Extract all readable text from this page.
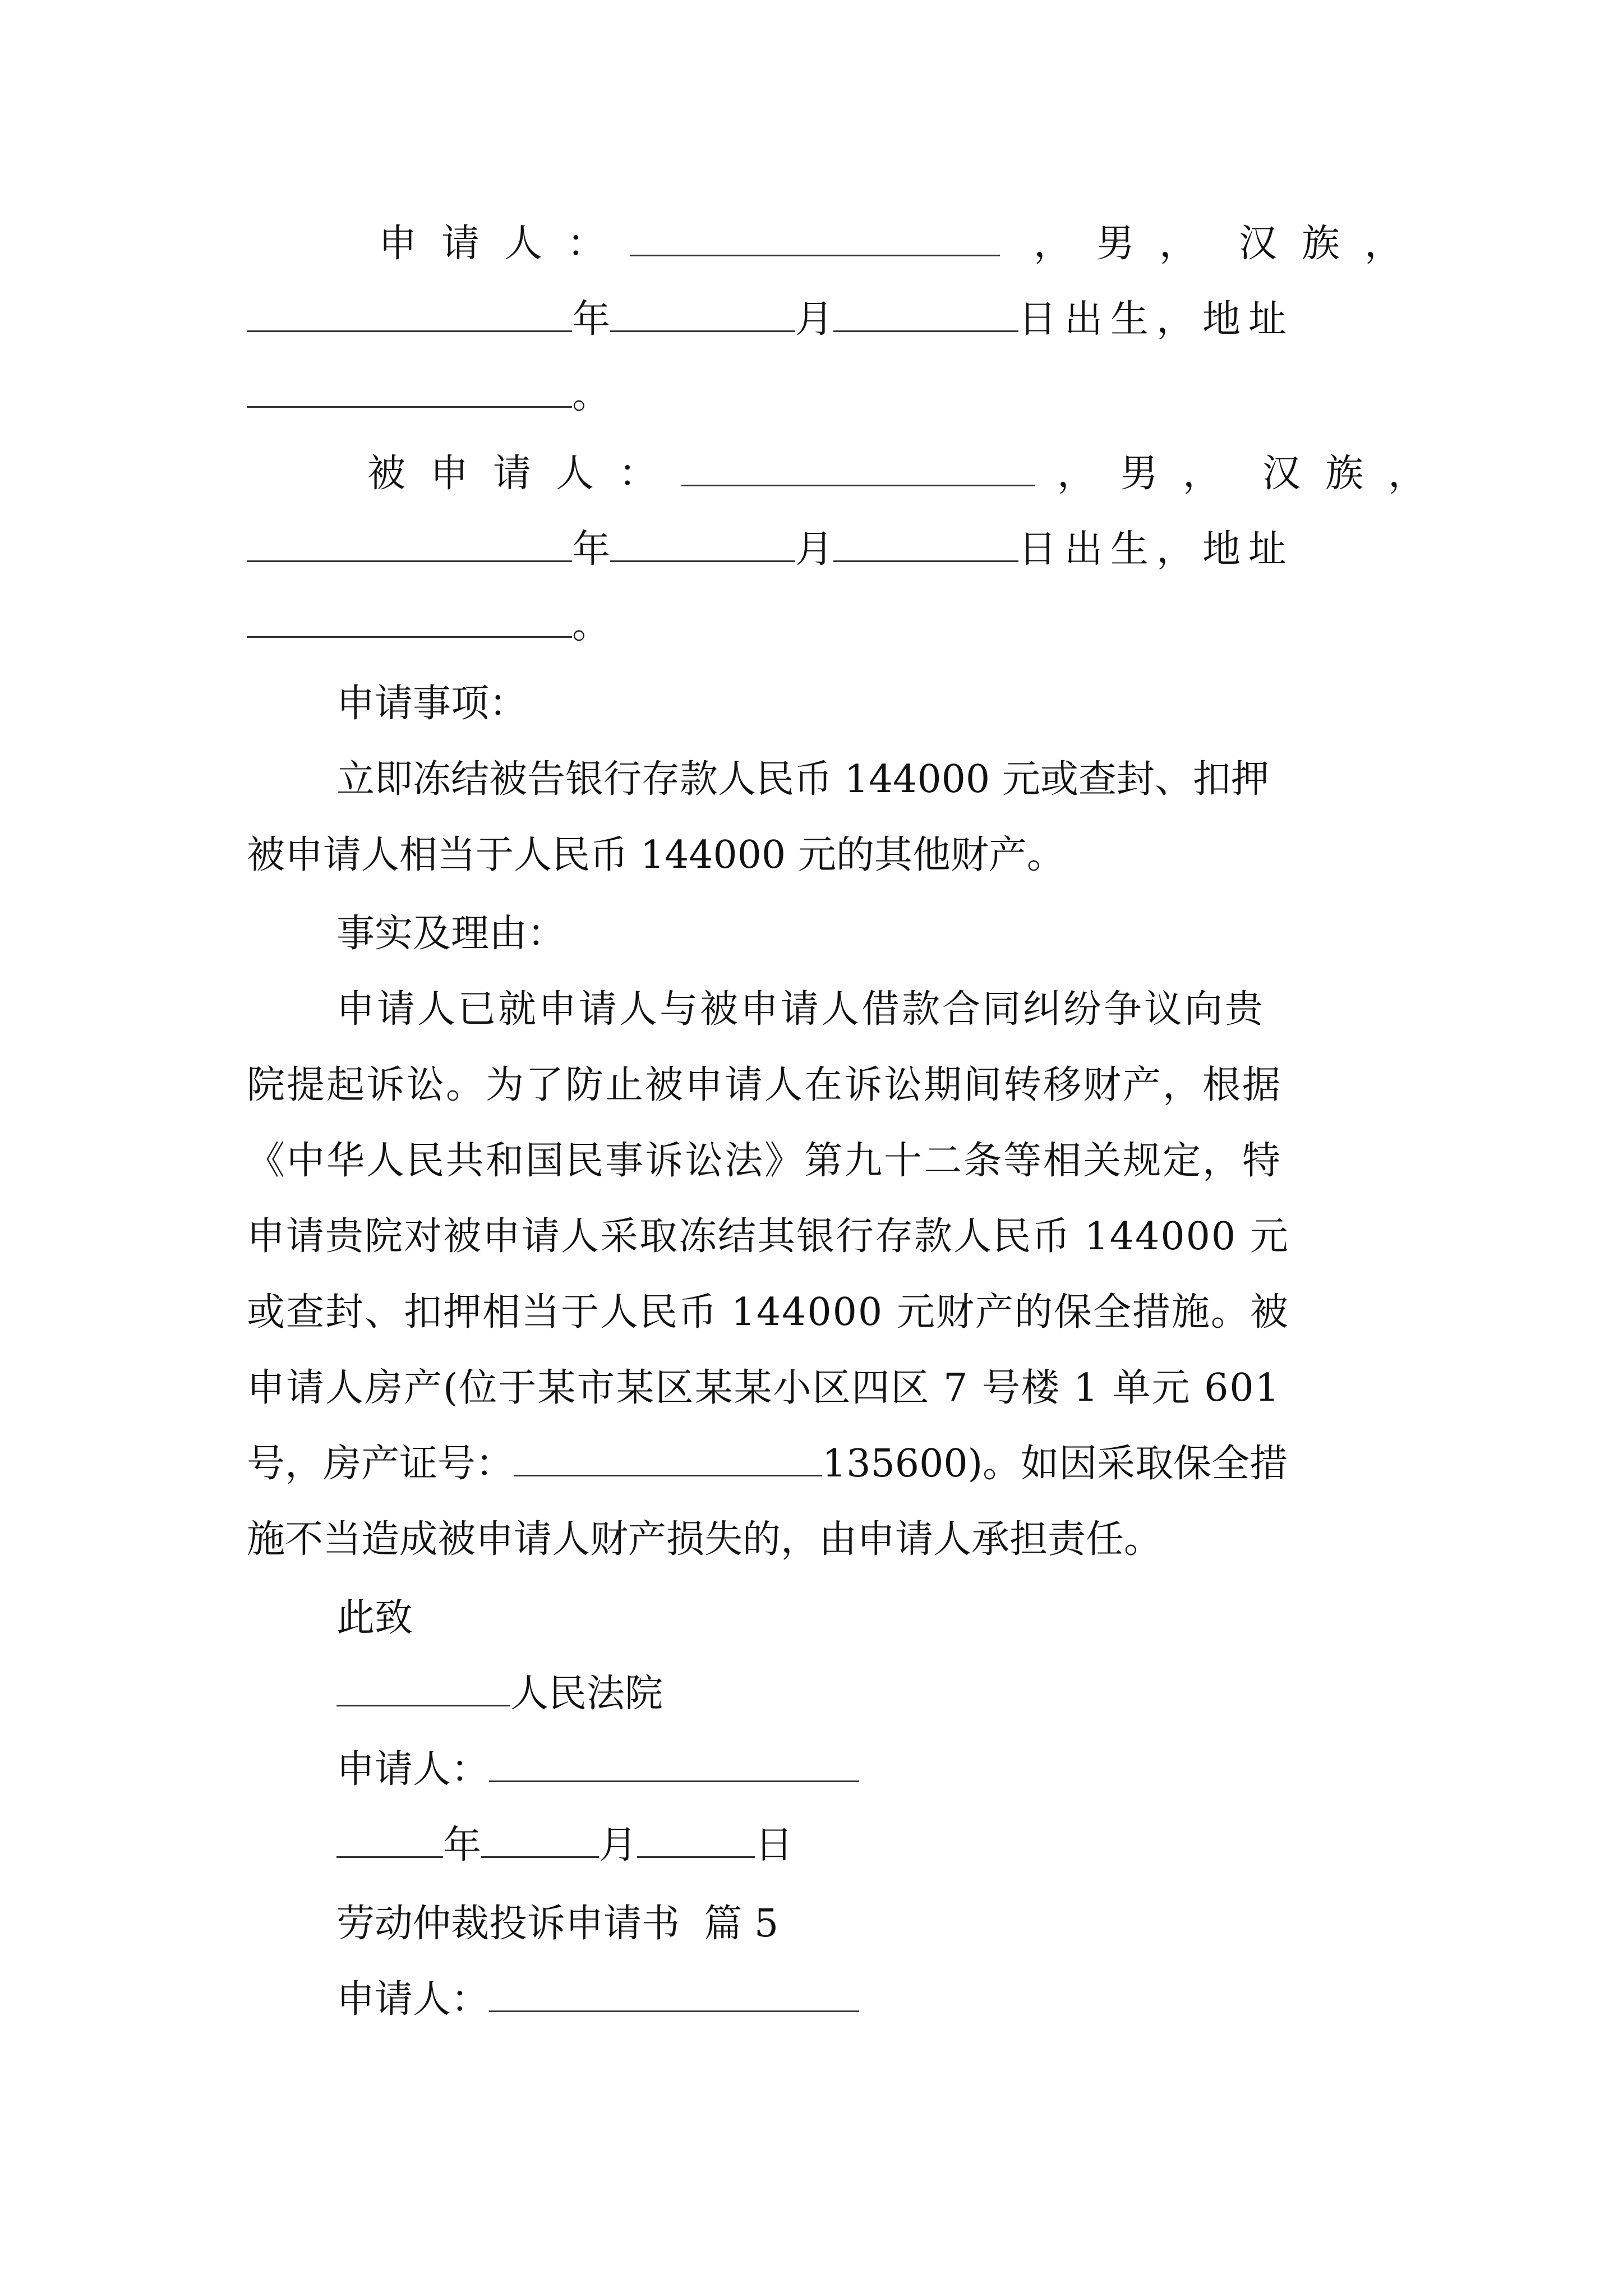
申请人：	，男， 汉族，
年	月	日出生，地址
。
被申请人：	，男， 汉族，
年	月	日出生，地址
。
申请事项：
立即冻结被告银行存款人民币 144000 元或查封、扣押
被申请人相当于人民币 144000 元的其他财产。
事实及理由：
申请人已就申请人与被申请人借款合同纠纷争议向贵
院提起诉讼。为了防止被申请人在诉讼期间转移财产，根据
《中华人民共和国民事诉讼法》第九十二条等相关规定，特
申请贵院对被申请人采取冻结其银行存款人民币 144000 元
或查封、扣押相当于人民币 144000 元财产的保全措施。被
申请人房产(位于某市某区某某小区四区 7 号楼 1 单元 601
号，房产证号：	135600)。如因采取保全措
施不当造成被申请人财产损失的，由申请人承担责任。
此致
人民法院
申请人：
年	月	日
劳动仲裁投诉申请书  篇 5
申请人：
